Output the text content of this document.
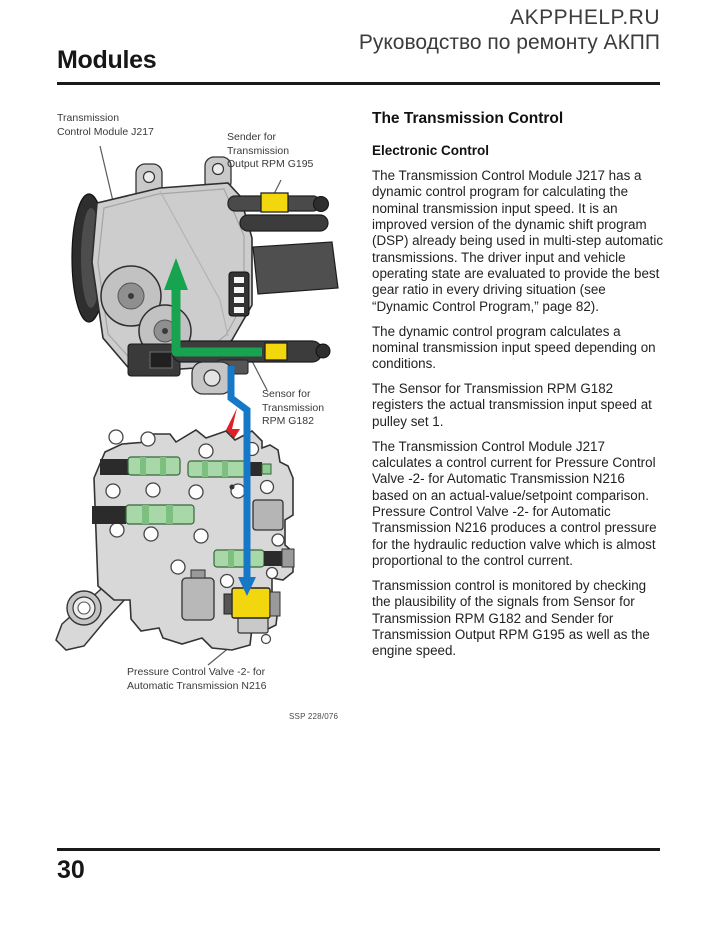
AKPPHELP.RU
Руководство по ремонту АКПП
Modules
Transmission
Control Module J217	Sender for
Transmission
Output RPM G195
Sensor for
Transmission
RPM G182
Pressure Control Valve -2- for
Automatic Transmission N216
SSP 228/076
The Transmission Control
Electronic Control

The Transmission Control Module J217 has a dynamic control program for calculating the nominal transmission input speed. It is an improved version of the dynamic shift program (DSP) already being used in multi-step automatic transmissions. The driver input and vehicle operating state are evaluated to provide the best gear ratio in every driving situation (see “Dynamic Control Program,” page 82).

The dynamic control program calculates a nominal transmission input speed depending on conditions.

The Sensor for Transmission RPM G182 registers the actual transmission input speed at pulley set 1.

The Transmission Control Module J217 calculates a control current for Pressure Control Valve -2- for Automatic Transmission N216 based on an actual-value/setpoint comparison. Pressure Control Valve -2- for Automatic Transmission N216 produces a control pressure for the hydraulic reduction valve which is almost proportional to the control current.

Transmission control is monitored by checking the plausibility of the signals from Sensor for Transmission RPM G182 and Sender for Transmission Output RPM G195 as well as the engine speed.

30
